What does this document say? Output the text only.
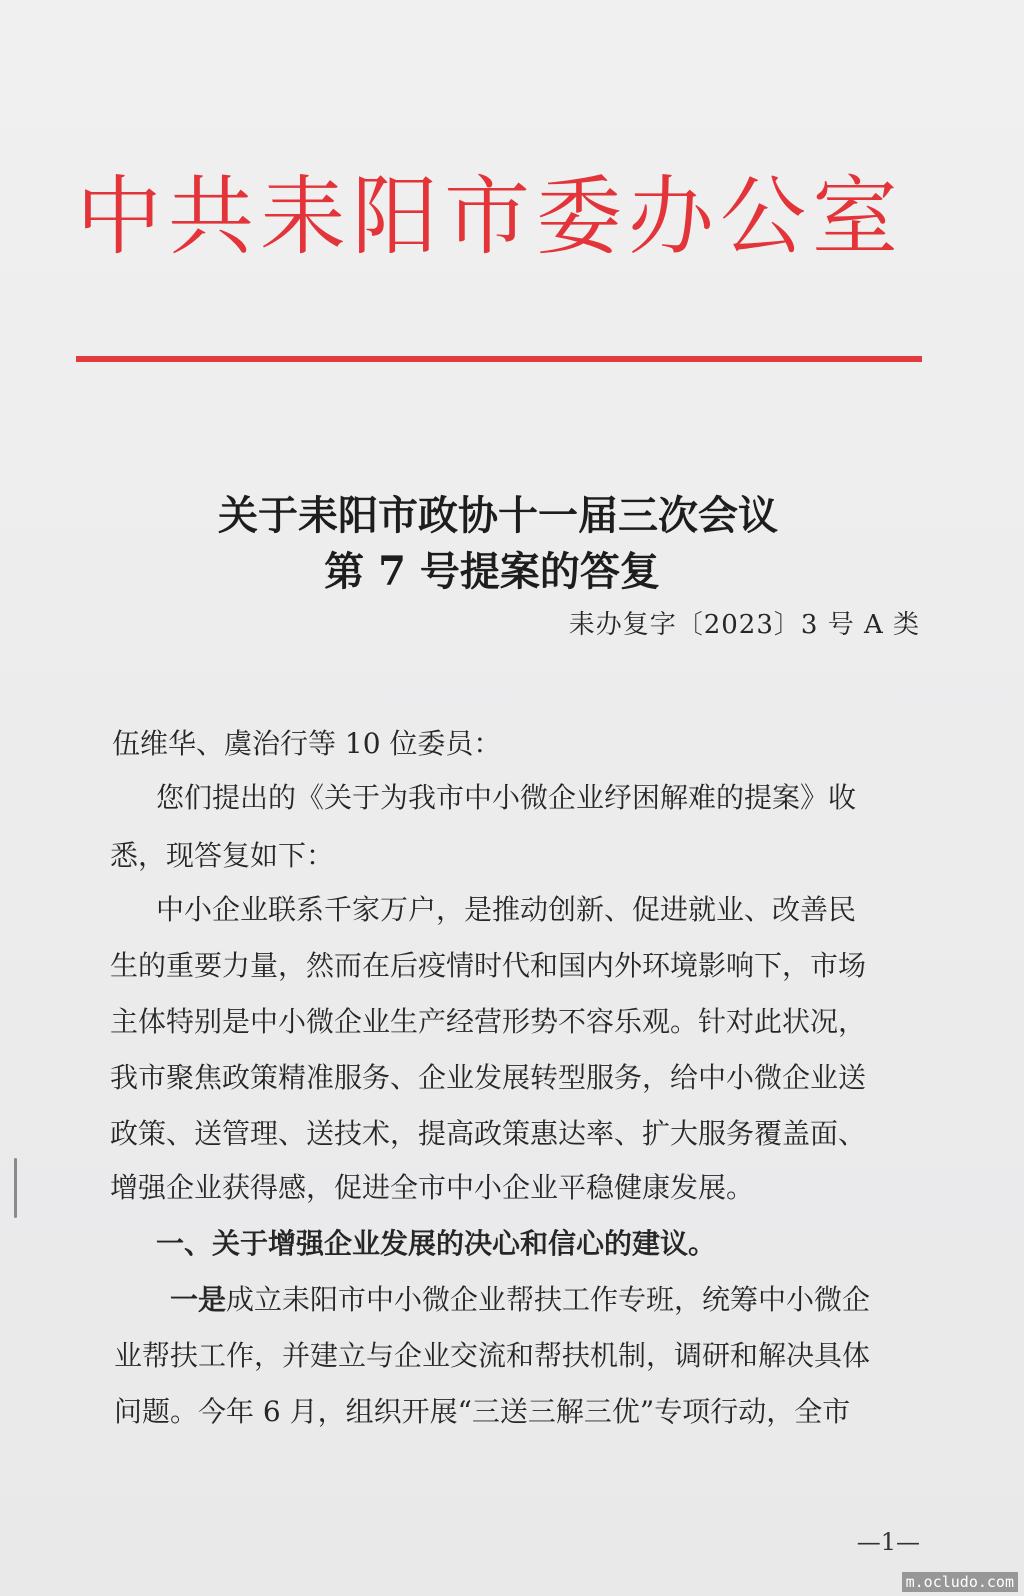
中共耒阳市委办公室
关于耒阳市政协十一届三次会议
第 7 号提案的答复
耒办复字〔2023〕3 号 A 类
伍维华、虞治行等 10 位委员：
您们提出的《关于为我市中小微企业纾困解难的提案》收
悉，现答复如下：
中小企业联系千家万户，是推动创新、促进就业、改善民
生的重要力量，然而在后疫情时代和国内外环境影响下，市场
主体特别是中小微企业生产经营形势不容乐观。针对此状况，
我市聚焦政策精准服务、企业发展转型服务，给中小微企业送
政策、送管理、送技术，提高政策惠达率、扩大服务覆盖面、
增强企业获得感，促进全市中小企业平稳健康发展。
一、关于增强企业发展的决心和信心的建议。
一是成立耒阳市中小微企业帮扶工作专班，统筹中小微企
业帮扶工作，并建立与企业交流和帮扶机制，调研和解决具体
问题。今年 6 月，组织开展“三送三解三优”专项行动，全市
—1—
m.ocludo.com
